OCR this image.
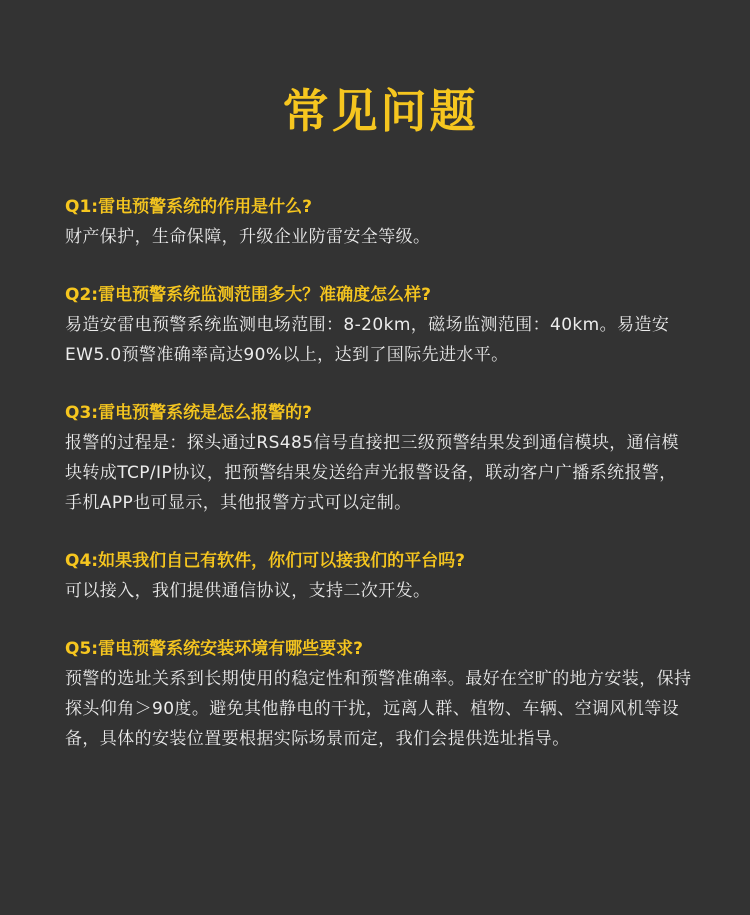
常见问题
Q1:雷电预警系统的作用是什么?
财产保护，生命保障，升级企业防雷安全等级。
Q2:雷电预警系统监测范围多大？准确度怎么样?
易造安雷电预警系统监测电场范围：8-20km，磁场监测范围：40km。易造安EW5.0预警准确率高达90%以上，达到了国际先进水平。
Q3:雷电预警系统是怎么报警的?
报警的过程是：探头通过RS485信号直接把三级预警结果发到通信模块，通信模块转成TCP/IP协议，把预警结果发送给声光报警设备，联动客户广播系统报警，手机APP也可显示，其他报警方式可以定制。
Q4:如果我们自己有软件，你们可以接我们的平台吗?
可以接入，我们提供通信协议，支持二次开发。
Q5:雷电预警系统安装环境有哪些要求?
预警的选址关系到长期使用的稳定性和预警准确率。最好在空旷的地方安装，保持探头仰角＞90度。避免其他静电的干扰，远离人群、植物、车辆、空调风机等设备，具体的安装位置要根据实际场景而定，我们会提供选址指导。
